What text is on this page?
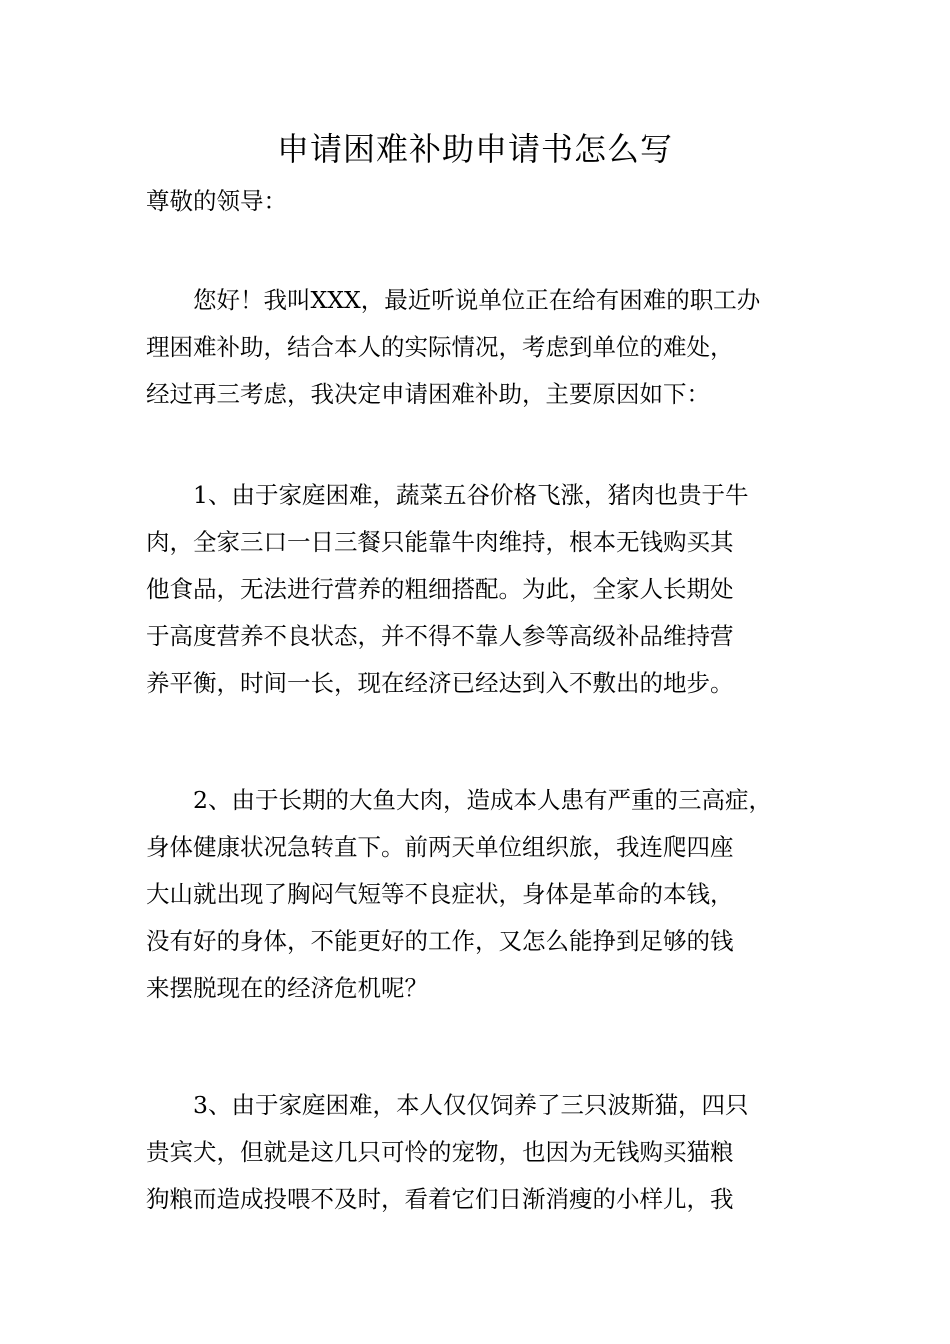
申请困难补助申请书怎么写
尊敬的领导：
　　您好！我叫XXX，最近听说单位正在给有困难的职工办
理困难补助，结合本人的实际情况，考虑到单位的难处，
经过再三考虑，我决定申请困难补助，主要原因如下：
　　1、由于家庭困难，蔬菜五谷价格飞涨，猪肉也贵于牛
肉，全家三口一日三餐只能靠牛肉维持，根本无钱购买其
他食品，无法进行营养的粗细搭配。为此，全家人长期处
于高度营养不良状态，并不得不靠人参等高级补品维持营
养平衡，时间一长，现在经济已经达到入不敷出的地步。
　　2、由于长期的大鱼大肉，造成本人患有严重的三高症，
身体健康状况急转直下。前两天单位组织旅，我连爬四座
大山就出现了胸闷气短等不良症状，身体是革命的本钱，
没有好的身体，不能更好的工作，又怎么能挣到足够的钱
来摆脱现在的经济危机呢？
　　3、由于家庭困难，本人仅仅饲养了三只波斯猫，四只
贵宾犬，但就是这几只可怜的宠物，也因为无钱购买猫粮
狗粮而造成投喂不及时，看着它们日渐消瘦的小样儿，我
